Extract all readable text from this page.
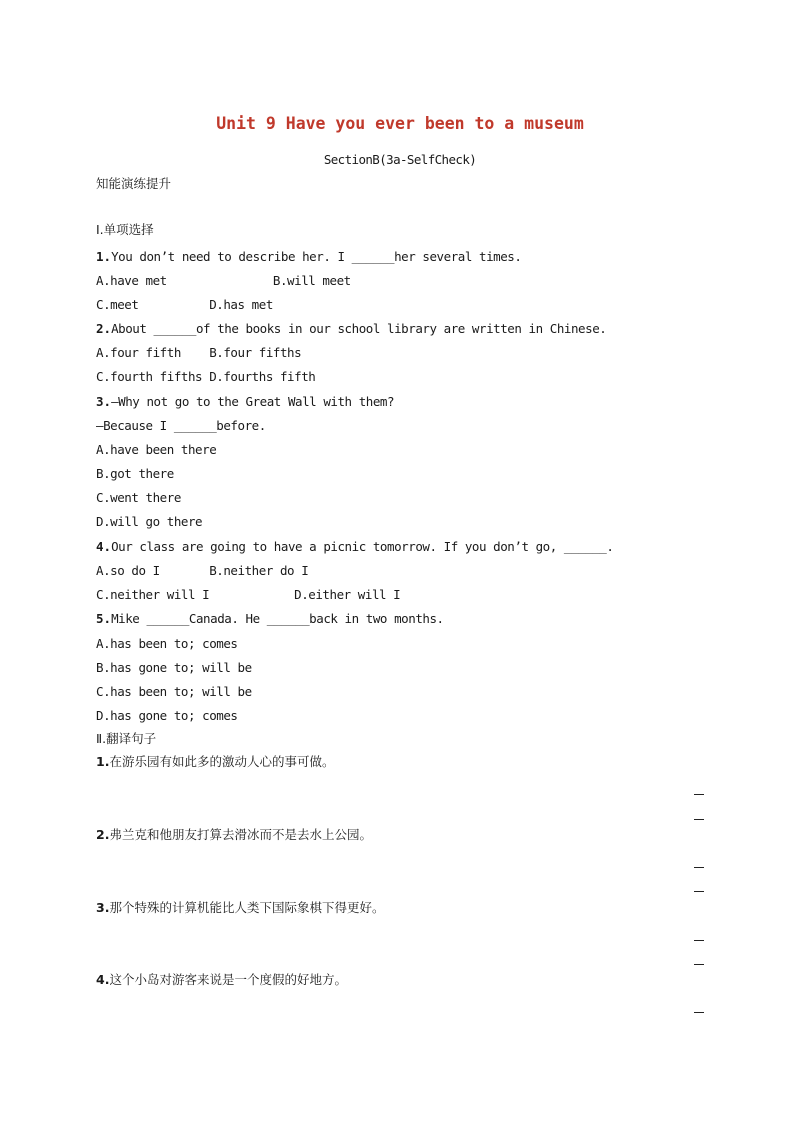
Unit 9 Have you ever been to a museum
SectionB(3a-SelfCheck)
知能演练提升
Ⅰ.单项选择
1.You don’t need to describe her. I ______her several times.
A.have met               B.will meet
C.meet          D.has met
2.About ______of the books in our school library are written in Chinese.
A.four fifth    B.four fifths
C.fourth fifths D.fourths fifth
3.—Why not go to the Great Wall with them?
—Because I ______before.
A.have been there
B.got there
C.went there
D.will go there
4.Our class are going to have a picnic tomorrow. If you don’t go, ______.
A.so do I       B.neither do I
C.neither will I            D.either will I
5.Mike ______Canada. He ______back in two months.
A.has been to; comes
B.has gone to; will be
C.has been to; will be
D.has gone to; comes
Ⅱ.翻译句子
1.在游乐园有如此多的激动人心的事可做。
2.弗兰克和他朋友打算去滑冰而不是去水上公园。
3.那个特殊的计算机能比人类下国际象棋下得更好。
4.这个小岛对游客来说是一个度假的好地方。
